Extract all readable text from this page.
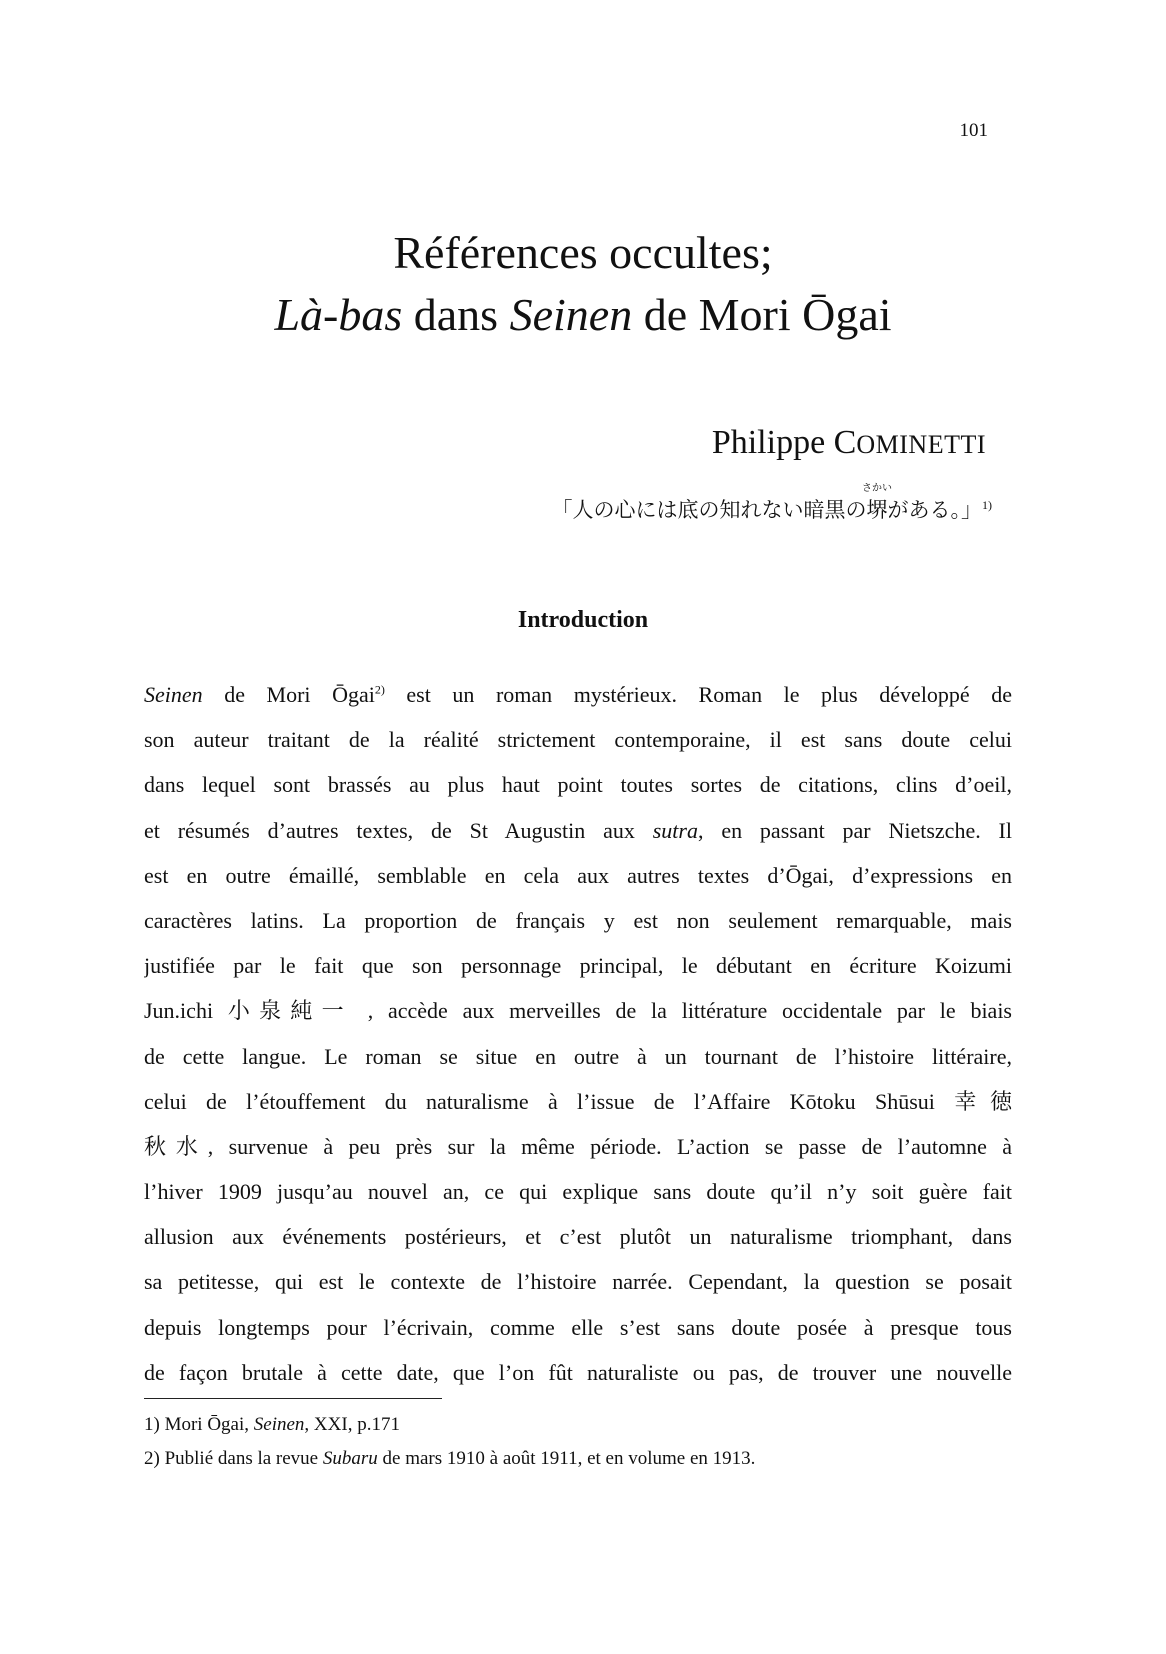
101
Références occultes;
Là-bas dans Seinen de Mori Ōgai
Philippe COMINETTI
「人の心には底の知れない暗黒の
さかい
堺がある。」$^{1)}$
Introduction
Seinen de Mori Ōgai$^{2)}$ est un roman mystérieux. Roman le plus développé de
son auteur traitant de la réalité strictement contemporaine, il est sans doute celui
dans lequel sont brassés au plus haut point toutes sortes de citations, clins d’oeil,
et résumés d’autres textes, de St Augustin aux sutra, en passant par Nietszche. Il
est en outre émaillé, semblable en cela aux autres textes d’Ōgai, d’expressions en
caractères latins. La proportion de français y est non seulement remarquable, mais
justifiée par le fait que son personnage principal, le débutant en écriture Koizumi
Jun.ichi 小泉純一 , accède aux merveilles de la littérature occidentale par le biais
de cette langue. Le roman se situe en outre à un tournant de l’histoire littéraire,
celui de l’étouffement du naturalisme à l’issue de l’Affaire Kōtoku Shūsui 幸徳
秋水, survenue à peu près sur la même période. L’action se passe de l’automne à
l’hiver 1909 jusqu’au nouvel an, ce qui explique sans doute qu’il n’y soit guère fait
allusion aux événements postérieurs, et c’est plutôt un naturalisme triomphant, dans
sa petitesse, qui est le contexte de l’histoire narrée. Cependant, la question se posait
depuis longtemps pour l’écrivain, comme elle s’est sans doute posée à presque tous
de façon brutale à cette date, que l’on fût naturaliste ou pas, de trouver une nouvelle
1) Mori Ōgai, Seinen, XXI, p.171
2) Publié dans la revue Subaru de mars 1910 à août 1911, et en volume en 1913.
